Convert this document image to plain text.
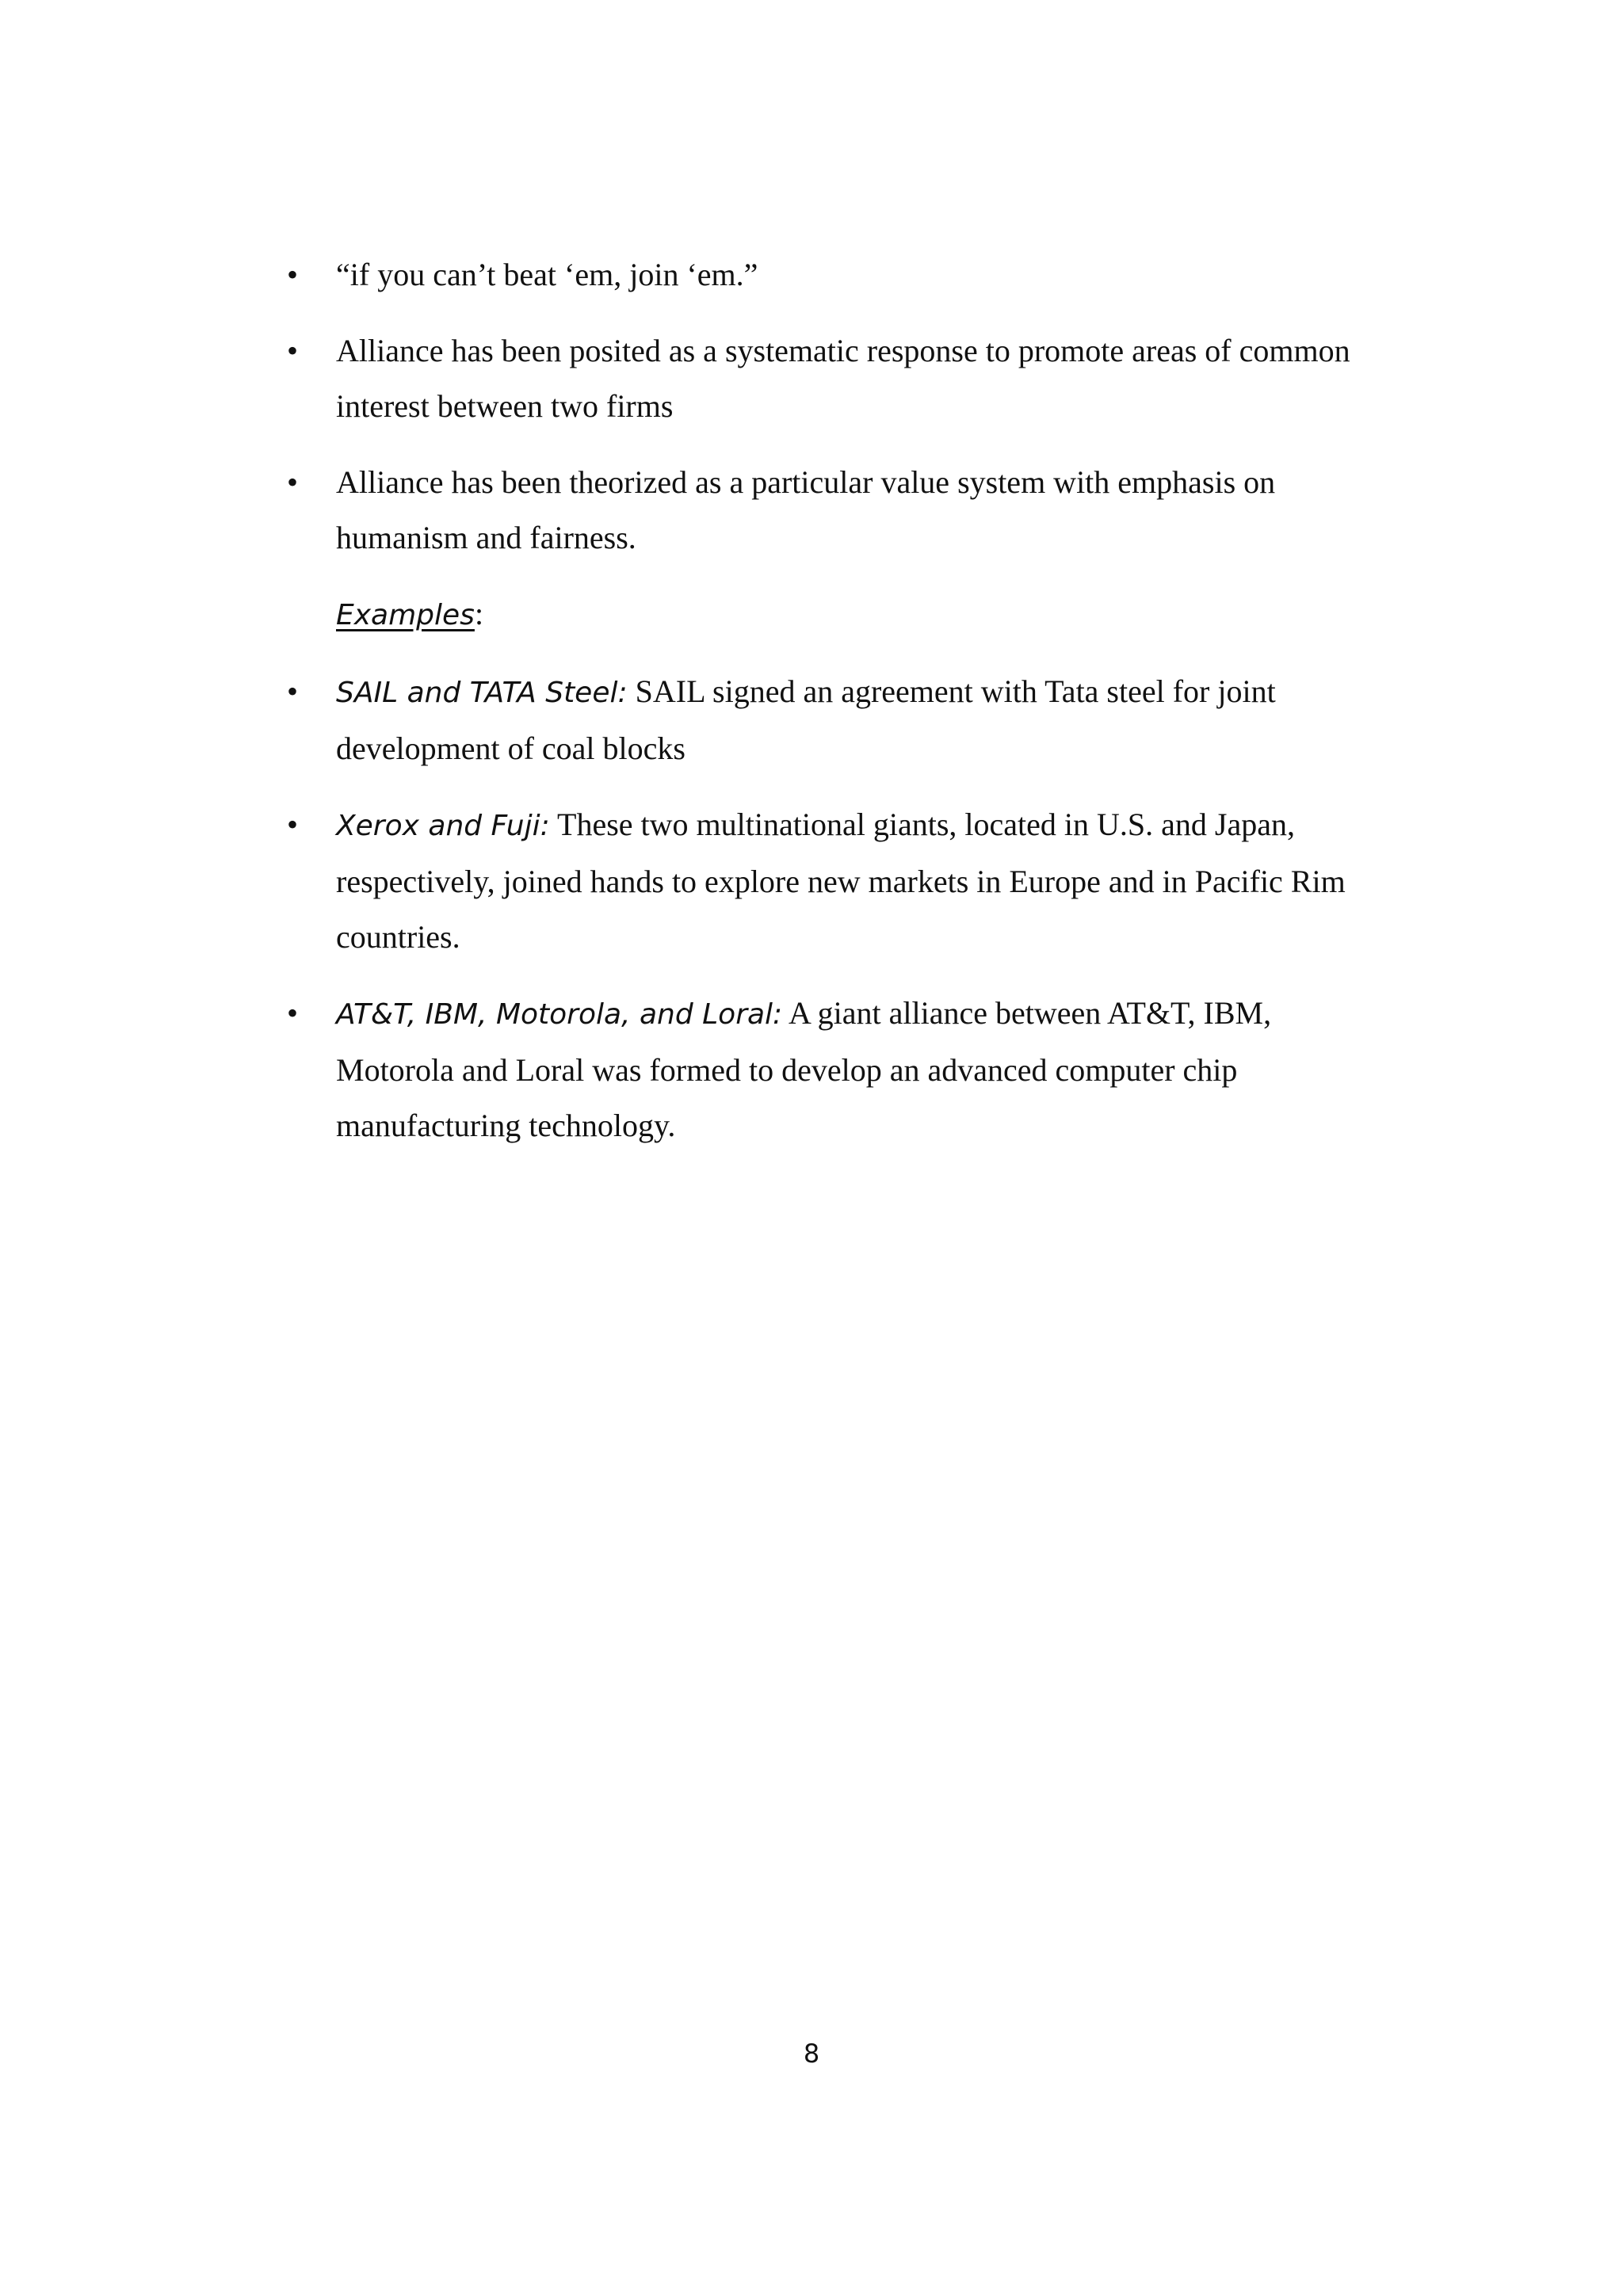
•	“if you can’t beat ‘em, join ‘em.”
•	Alliance has been posited as a systematic response to promote areas of common interest between two firms
•	Alliance has been theorized as a particular value system with emphasis on humanism and fairness.
Examples:
•	SAIL and TATA Steel: SAIL signed an agreement with Tata steel for joint development of coal blocks
•	Xerox and Fuji: These two multinational giants, located in U.S. and Japan, respectively, joined hands to explore new markets in Europe and in Pacific Rim countries.
•	AT&T, IBM, Motorola, and Loral: A giant alliance between AT&T, IBM, Motorola and Loral was formed to develop an advanced computer chip manufacturing technology.
8
